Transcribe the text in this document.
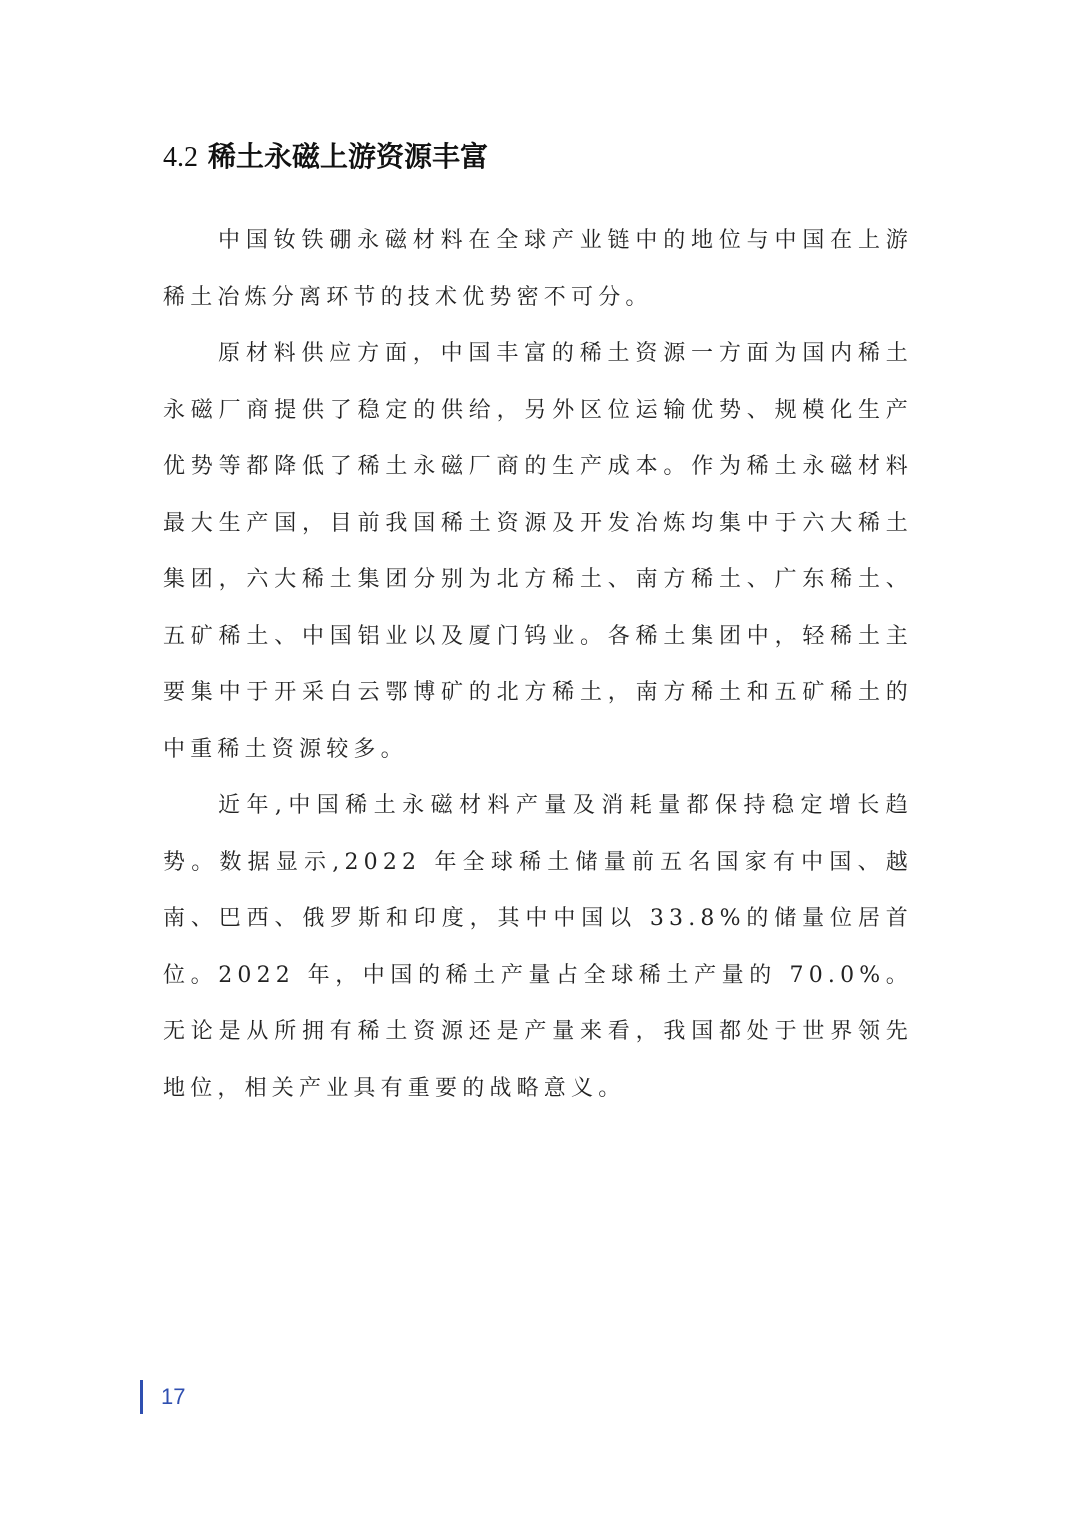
4.2 稀土永磁上游资源丰富

中国钕铁硼永磁材料在全球产业链中的地位与中国在上游稀土冶炼分离环节的技术优势密不可分。

原材料供应方面，中国丰富的稀土资源一方面为国内稀土永磁厂商提供了稳定的供给，另外区位运输优势、规模化生产优势等都降低了稀土永磁厂商的生产成本。作为稀土永磁材料最大生产国，目前我国稀土资源及开发冶炼均集中于六大稀土集团，六大稀土集团分别为北方稀土、南方稀土、广东稀土、五矿稀土、中国铝业以及厦门钨业。各稀土集团中，轻稀土主要集中于开采白云鄂博矿的北方稀土，南方稀土和五矿稀土的中重稀土资源较多。

近年,中国稀土永磁材料产量及消耗量都保持稳定增长趋势。数据显示,2022 年全球稀土储量前五名国家有中国、越南、巴西、俄罗斯和印度，其中中国以 33.8%的储量位居首位。2022 年，中国的稀土产量占全球稀土产量的 70.0%。无论是从所拥有稀土资源还是产量来看，我国都处于世界领先地位，相关产业具有重要的战略意义。

17
